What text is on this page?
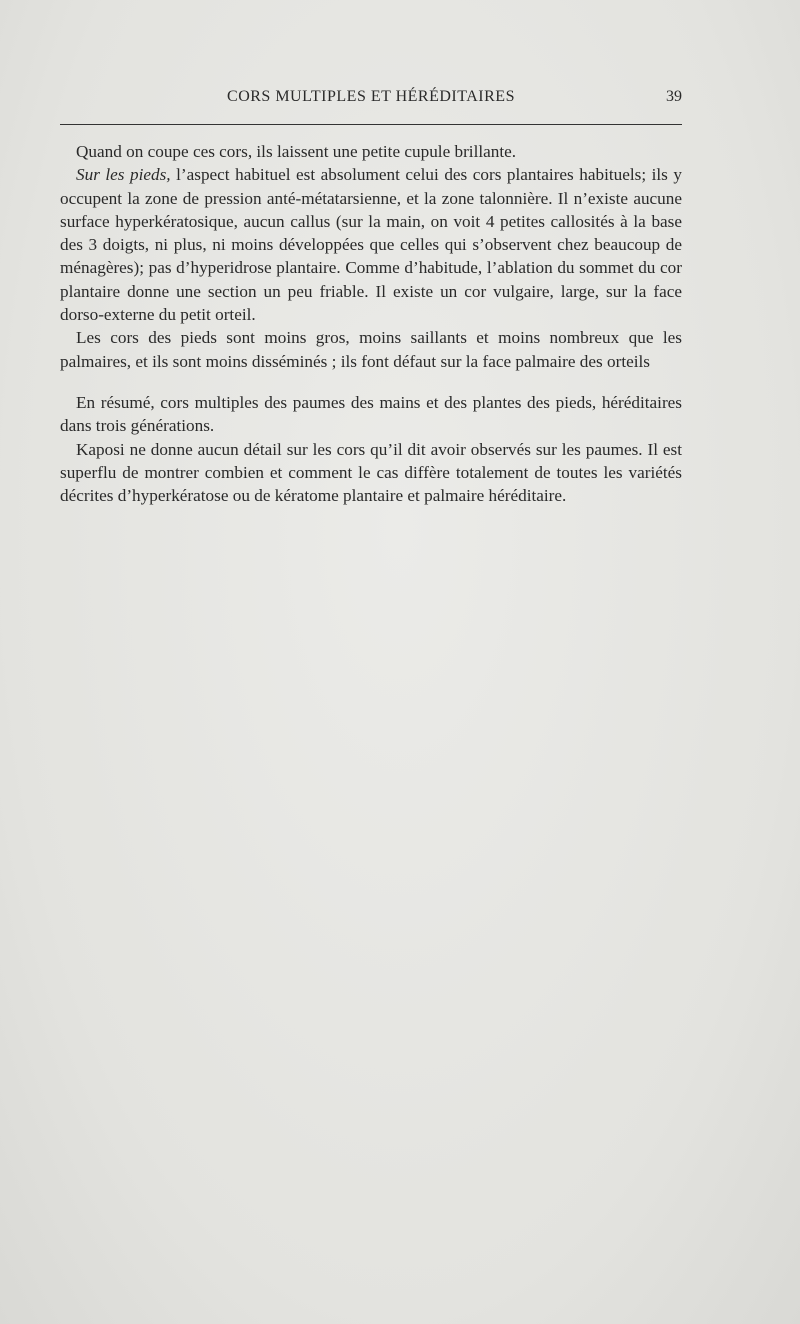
CORS MULTIPLES ET HÉRÉDITAIRES	39

Quand on coupe ces cors, ils laissent une petite cupule brillante.

Sur les pieds, l’aspect habituel est absolument celui des cors plantaires habituels; ils y occupent la zone de pression anté-métatarsienne, et la zone talonnière. Il n’existe aucune surface hyperkératosique, aucun callus (sur la main, on voit 4 petites callosités à la base des 3 doigts, ni plus, ni moins développées que celles qui s’observent chez beaucoup de ménagères); pas d’hyperidrose plantaire. Comme d’habitude, l’ablation du sommet du cor plantaire donne une section un peu friable. Il existe un cor vulgaire, large, sur la face dorso-externe du petit orteil.

Les cors des pieds sont moins gros, moins saillants et moins nombreux que les palmaires, et ils sont moins disséminés ; ils font défaut sur la face palmaire des orteils

En résumé, cors multiples des paumes des mains et des plantes des pieds, héréditaires dans trois générations.

Kaposi ne donne aucun détail sur les cors qu’il dit avoir observés sur les paumes. Il est superflu de montrer combien et comment le cas diffère totalement de toutes les variétés décrites d’hyperkératose ou de kératome plantaire et palmaire héréditaire.
